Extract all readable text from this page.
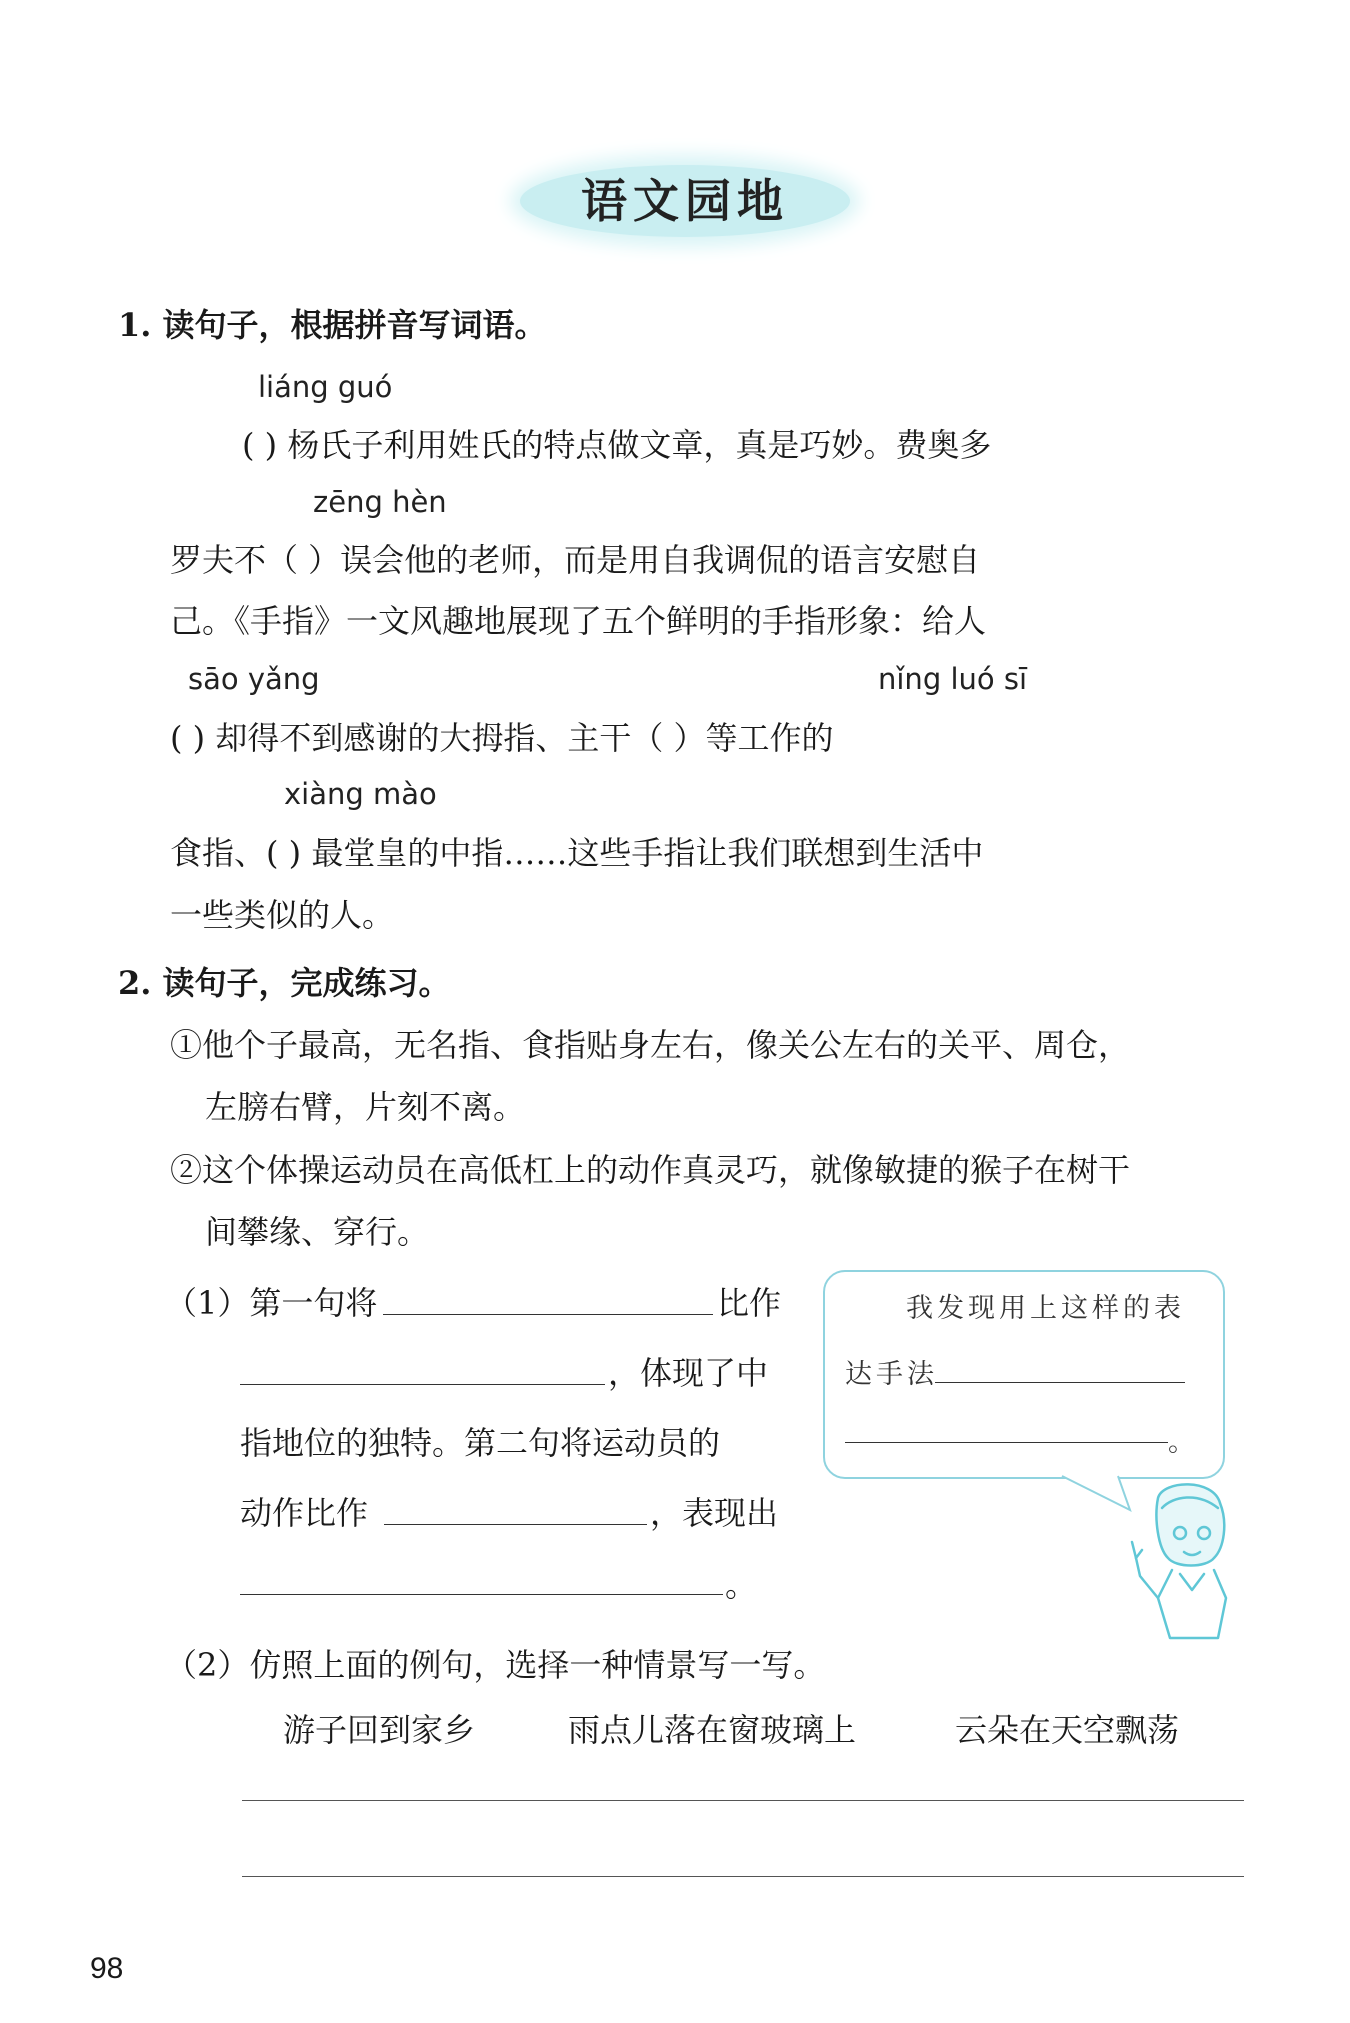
语文园地
1. 读句子，根据拼音写词语。
liáng guó
( ) 杨氏子利用姓氏的特点做文章，真是巧妙。费奥多
zēng hèn
罗夫不（ ）误会他的老师，而是用自我调侃的语言安慰自
己。《手指》一文风趣地展现了五个鲜明的手指形象：给人
sāo yǎng	nǐng luó sī
( ) 却得不到感谢的大拇指、主干（ ）等工作的
xiàng mào
食指、( ) 最堂皇的中指……这些手指让我们联想到生活中
一些类似的人。
2. 读句子，完成练习。
①他个子最高，无名指、食指贴身左右，像关公左右的关平、周仓，
左膀右臂，片刻不离。
②这个体操运动员在高低杠上的动作真灵巧，就像敏捷的猴子在树干
间攀缘、穿行。
（1）第一句将	比作
，体现了中
指地位的独特。第二句将运动员的
动作比作	，表现出
。
我发现用上这样的表
达手法
。
（2）仿照上面的例句，选择一种情景写一写。
游子回到家乡	雨点儿落在窗玻璃上	云朵在天空飘荡
98
